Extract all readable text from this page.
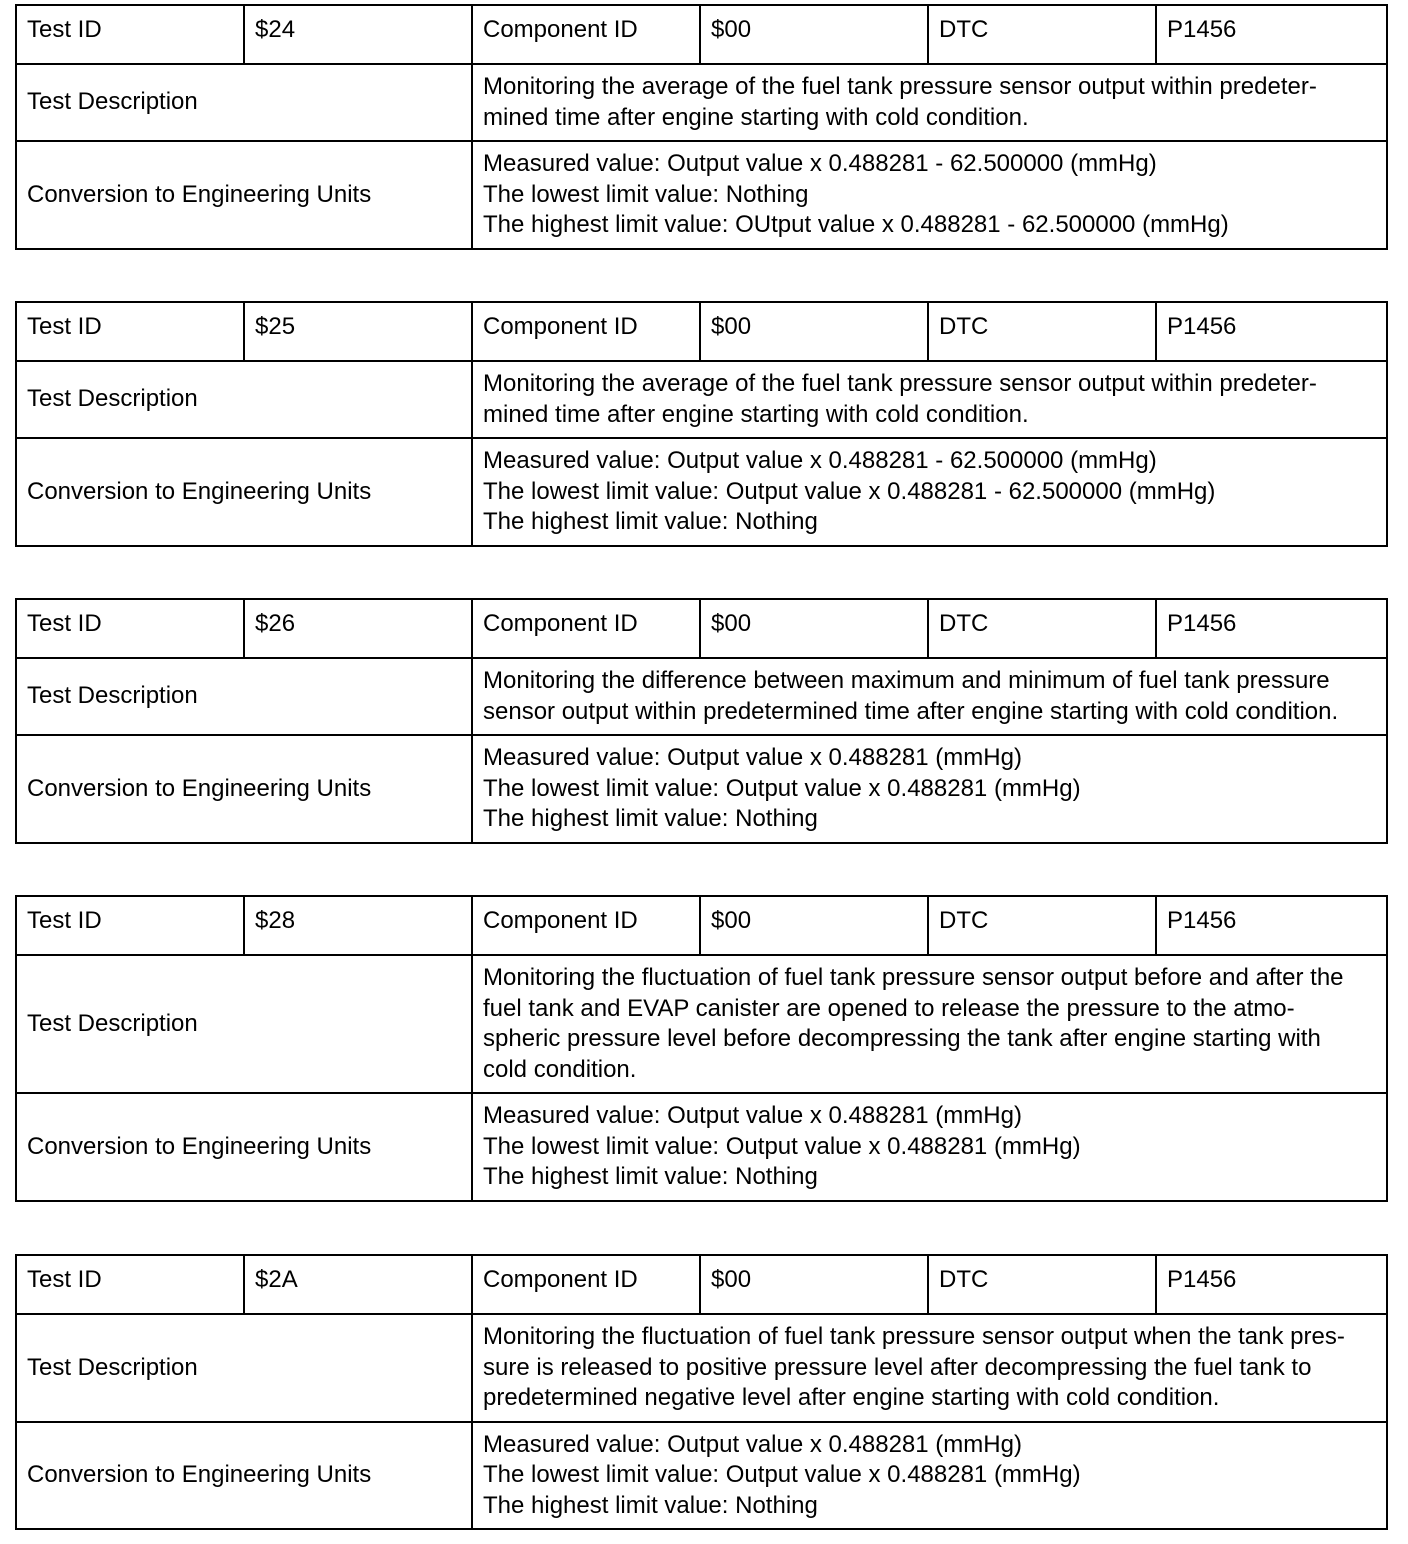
Test ID	$24	Component ID	$00	DTC	P1456
Test Description		Monitoring the average of the fuel tank pressure sensor output within predeter-
mined time after engine starting with cold condition.			

Conversion to Engineering Units		Measured value: Output value x 0.488281 - 62.500000 (mmHg)
The lowest limit value: Nothing
The highest limit value: OUtput value x 0.488281 - 62.500000 (mmHg)			
Test ID	$25	Component ID	$00	DTC	P1456
Test Description		Monitoring the average of the fuel tank pressure sensor output within predeter-
mined time after engine starting with cold condition.			

Conversion to Engineering Units		Measured value: Output value x 0.488281 - 62.500000 (mmHg)
The lowest limit value: Output value x 0.488281 - 62.500000 (mmHg)
The highest limit value: Nothing			
Test ID	$26	Component ID	$00	DTC	P1456
Test Description		Monitoring the difference between maximum and minimum of fuel tank pressure
sensor output within predetermined time after engine starting with cold condition.			

Conversion to Engineering Units		Measured value: Output value x 0.488281 (mmHg)
The lowest limit value: Output value x 0.488281 (mmHg)
The highest limit value: Nothing			
Test ID	$28	Component ID	$00	DTC	P1456
Test Description		Monitoring the fluctuation of fuel tank pressure sensor output before and after the
fuel tank and EVAP canister are opened to release the pressure to the atmo-
spheric pressure level before decompressing the tank after engine starting with
cold condition.			

Conversion to Engineering Units		Measured value: Output value x 0.488281 (mmHg)
The lowest limit value: Output value x 0.488281 (mmHg)
The highest limit value: Nothing			
Test ID	$2A	Component ID	$00	DTC	P1456
Test Description		Monitoring the fluctuation of fuel tank pressure sensor output when the tank pres-
sure is released to positive pressure level after decompressing the fuel tank to
predetermined negative level after engine starting with cold condition.			

Conversion to Engineering Units		Measured value: Output value x 0.488281 (mmHg)
The lowest limit value: Output value x 0.488281 (mmHg)
The highest limit value: Nothing			
